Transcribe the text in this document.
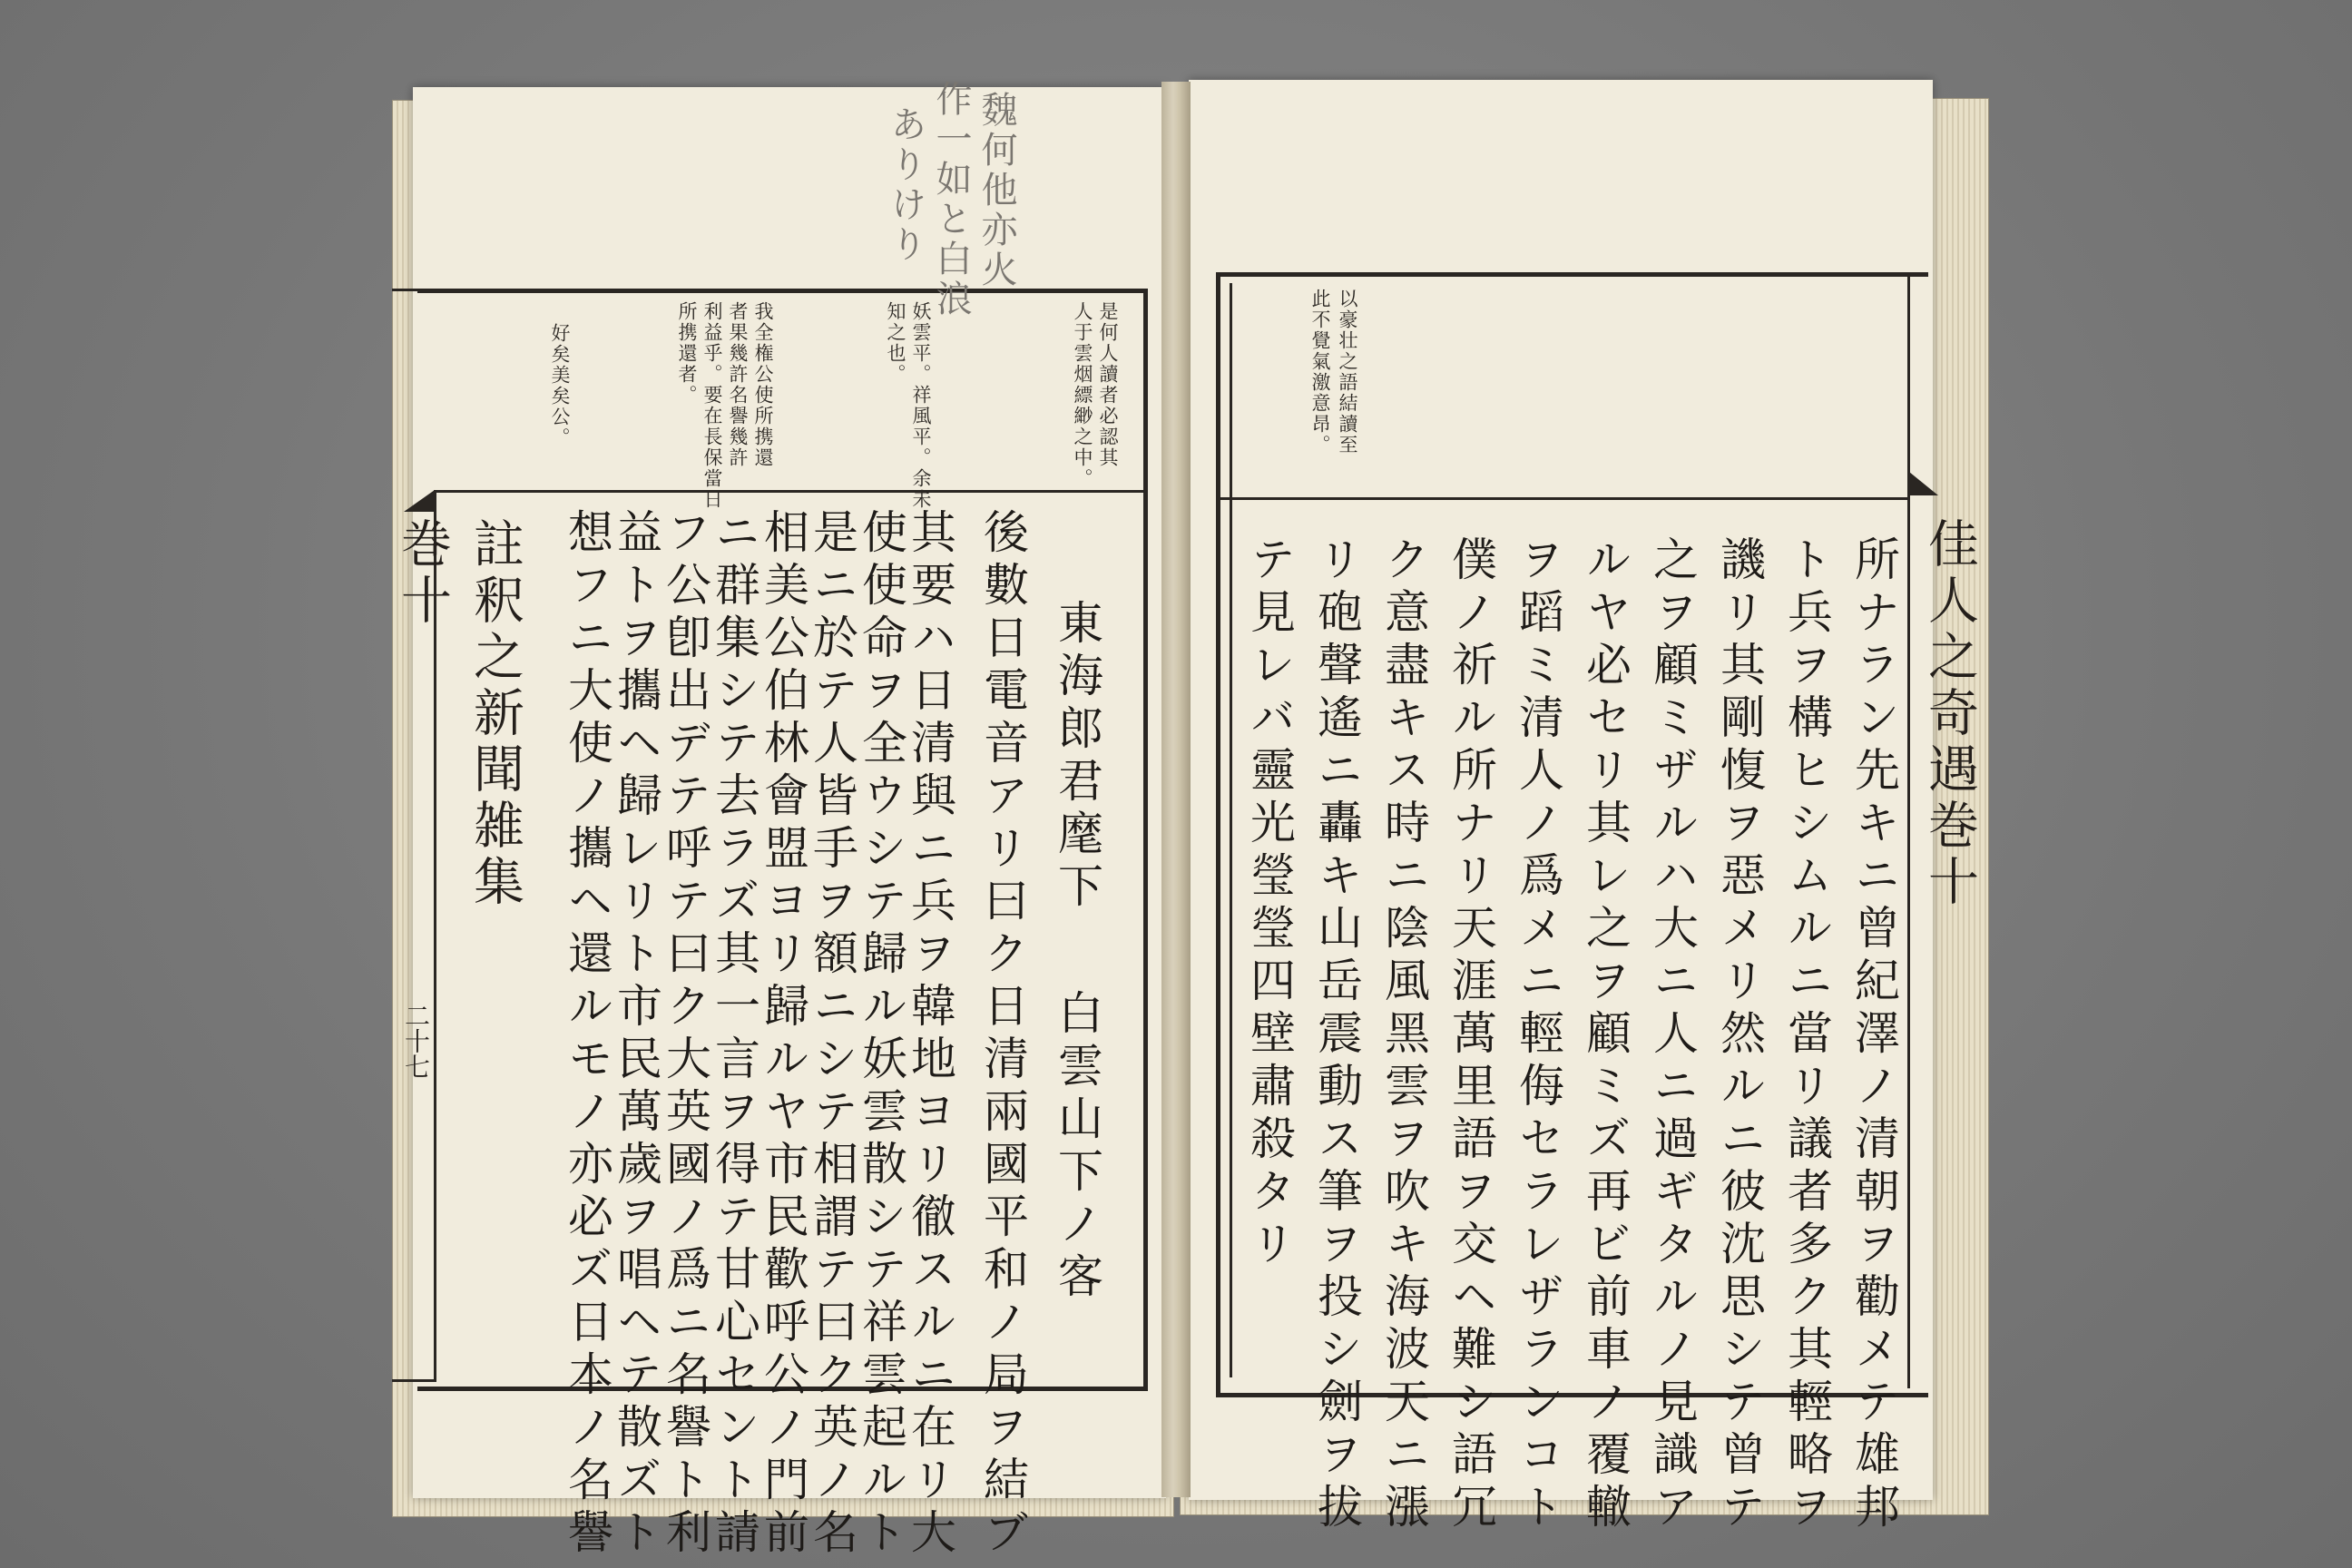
註釈之新聞雑集巻十
二十七
魏何他亦火
作一如と白浪
ありけり
是何人讀者必認其
人于雲烟縹緲之中。
妖雲平。祥風平。余未
知之也。
我全権公使所携還
者果幾許名譽幾許
利益乎。要在長保當日
所携還者。
好矣美矣公。
東海郎君麾下
後數日電音アリ曰ク日清兩國平和ノ局ヲ結ブ
其要ハ日清與ニ兵ヲ韓地ヨリ徹スルニ在リ大
使使命ヲ全ウシテ歸ル妖雲散シテ祥雲起ルト
是ニ於テ人皆手ヲ額ニシテ相謂テ曰ク英ノ名
相美公伯林會盟ヨリ歸ルヤ市民歡呼公ノ門前
ニ群集シテ去ラズ其一言ヲ得テ甘心セント請
フ公卽出デテ呼テ曰ク大英國ノ爲ニ名譽ト利
益トヲ攜ヘ歸レリト市民萬歲ヲ唱ヘテ散ズト
想フニ大使ノ攜ヘ還ルモノ亦必ズ日本ノ名譽	白雲山下ノ客
佳人之奇遇巻十
以豪壮之語結讀至
此不覺氣激意昂。
所ナラン先キニ曾紀澤ノ清朝ヲ勸メテ雄邦
ト兵ヲ構ヒシムルニ當リ議者多ク其輕略ヲ
譏リ其剛愎ヲ惡メリ然ルニ彼沈思シテ曾テ
之ヲ顧ミザルハ大ニ人ニ過ギタルノ見識ア
ルヤ必セリ其レ之ヲ顧ミズ再ビ前車ノ覆轍
ヲ蹈ミ清人ノ爲メニ輕侮セラレザランコト
僕ノ祈ル所ナリ天涯萬里語ヲ交ヘ難シ語冗
ク意盡キス時ニ陰風黑雲ヲ吹キ海波天ニ漲
リ砲聲遙ニ轟キ山岳震動ス筆ヲ投シ劍ヲ拔
テ見レバ靈光瑩瑩四壁肅殺タリ
